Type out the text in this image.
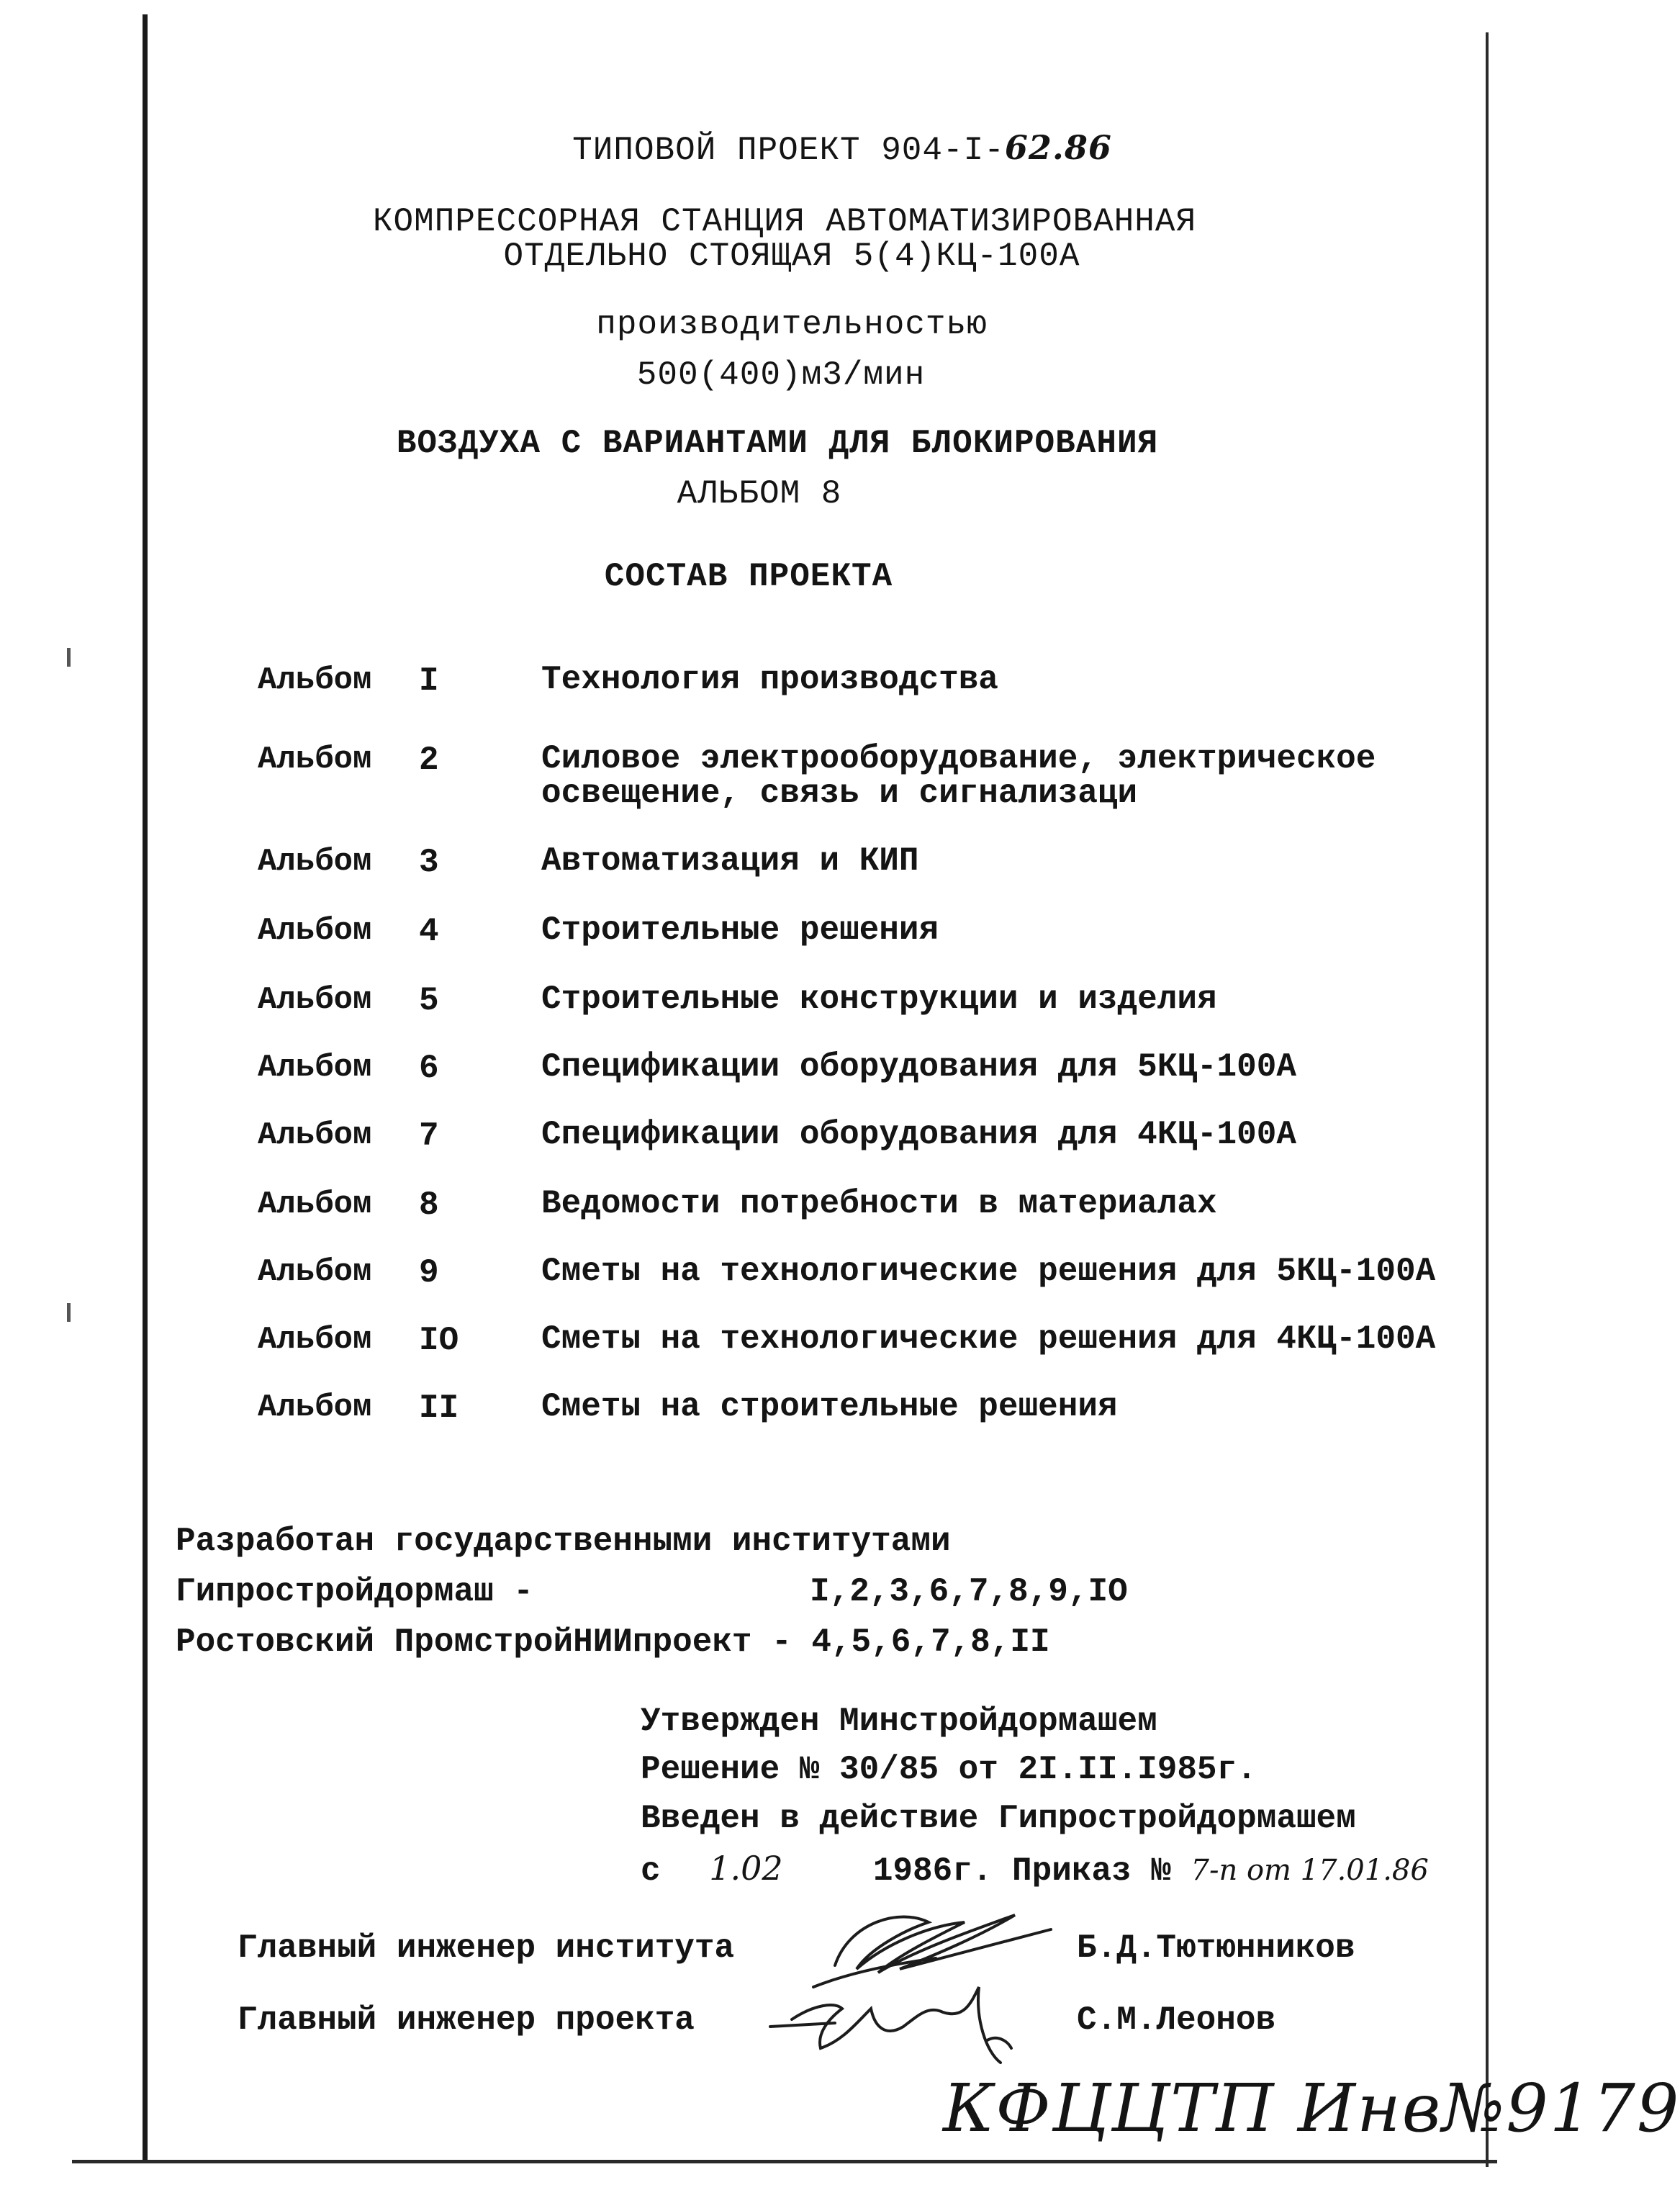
ТИПОВОЙ ПРОЕКТ 904-I-62.86
КОМПРЕССОРНАЯ СТАНЦИЯ АВТОМАТИЗИРОВАННАЯ
ОТДЕЛЬНО СТОЯЩАЯ 5(4)КЦ-100А
производительностью
500(400)м3/мин
ВОЗДУХА С ВАРИАНТАМИ ДЛЯ БЛОКИРОВАНИЯ
АЛЬБОМ 8
СОСТАВ ПРОЕКТА
Альбом I	Технология производства
Альбом 2	Силовое электрооборудование, электрическое
освещение, связь и сигнализаци
Альбом 3	Автоматизация и КИП
Альбом 4	Строительные решения
Альбом 5	Строительные конструкции и изделия
Альбом 6	Спецификации оборудования для 5КЦ-100А
Альбом 7	Спецификации оборудования для 4КЦ-100А
Альбом 8	Ведомости потребности в материалах
Альбом 9	Сметы на технологические решения для 5КЦ-100А
Альбом IO Сметы на технологические решения для 4КЦ-100А
Альбом II Сметы на строительные решения
Разработан государственными институтами
Гипростройдормаш -	I,2,3,6,7,8,9,IO
Ростовский ПромстройНИИпроект - 4,5,6,7,8,II
Утвержден Минстройдормашем
Решение № 30/85 от 2I.II.I985г.
Введен в действие Гипростройдормашем
с 1.02	1986г. Приказ № 7-п от 17.01.86
Главный инженер института	Б.Д.Тютюнников
Главный инженер проекта	С.М.Леонов
КФЦЦТП Инв№9179
